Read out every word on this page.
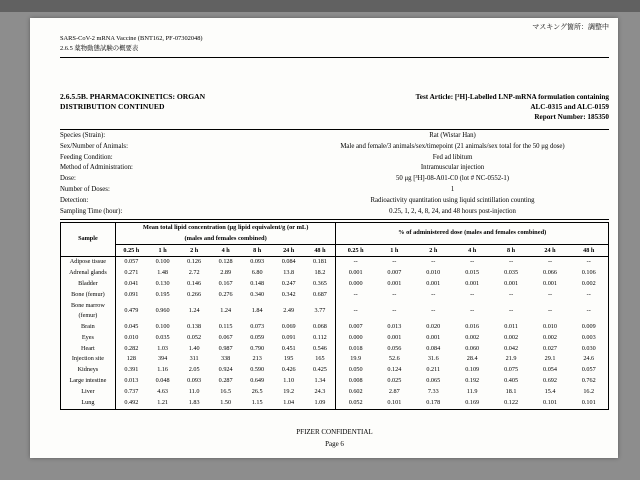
マスキング箇所：調整中
SARS-CoV-2 mRNA Vaccine (BNT162, PF-07302048)
2.6.5 薬物動態試験の概要表
2.6.5.5B. PHARMACOKINETICS: ORGAN
DISTRIBUTION CONTINUED
Test Article: [³H]-Labelled LNP-mRNA formulation containing
ALC-0315 and ALC-0159
Report Number: 185350
Species (Strain):	Rat (Wistar Han)
Sex/Number of Animals:	Male and female/3 animals/sex/timepoint (21 animals/sex total for the 50 μg dose)
Feeding Condition:	Fed ad libitum
Method of Administration:	Intramuscular injection
Dose:	50 μg [³H]-08-A01-C0 (lot # NC-0552-1)
Number of Doses:	1
Detection:	Radioactivity quantitation using liquid scintillation counting
Sampling Time (hour):	0.25, 1, 2, 4, 8, 24, and 48 hours post-injection
Sample	Mean total lipid concentration (μg lipid equivalent/g (or mL)
(males and females combined)							% of administered dose (males and females combined)						
	0.25 h	1 h	2 h	4 h	8 h	24 h	48 h	0.25 h	1 h	2 h	4 h	8 h	24 h	48 h
Adipose tissue	0.057	0.100	0.126	0.128	0.093	0.084	0.181	--	--	--	--	--	--	--
Adrenal glands	0.271	1.48	2.72	2.89	6.80	13.8	18.2	0.001	0.007	0.010	0.015	0.035	0.066	0.106
Bladder	0.041	0.130	0.146	0.167	0.148	0.247	0.365	0.000	0.001	0.001	0.001	0.001	0.001	0.002
Bone (femur)	0.091	0.195	0.266	0.276	0.340	0.342	0.687	--	--	--	--	--	--	--
Bone marrow (femur)	0.479	0.960	1.24	1.24	1.84	2.49	3.77	--	--	--	--	--	--	--
Brain	0.045	0.100	0.138	0.115	0.073	0.069	0.068	0.007	0.013	0.020	0.016	0.011	0.010	0.009
Eyes	0.010	0.035	0.052	0.067	0.059	0.091	0.112	0.000	0.001	0.001	0.002	0.002	0.002	0.003
Heart	0.282	1.03	1.40	0.987	0.790	0.451	0.546	0.018	0.056	0.084	0.060	0.042	0.027	0.030
Injection site	128	394	311	338	213	195	165	19.9	52.6	31.6	28.4	21.9	29.1	24.6
Kidneys	0.391	1.16	2.05	0.924	0.590	0.426	0.425	0.050	0.124	0.211	0.109	0.075	0.054	0.057
Large intestine	0.013	0.048	0.093	0.287	0.649	1.10	1.34	0.008	0.025	0.065	0.192	0.405	0.692	0.762
Liver	0.737	4.63	11.0	16.5	26.5	19.2	24.3	0.602	2.87	7.33	11.9	18.1	15.4	16.2
Lung	0.492	1.21	1.83	1.50	1.15	1.04	1.09	0.052	0.101	0.178	0.169	0.122	0.101	0.101
PFIZER CONFIDENTIAL
Page 6
